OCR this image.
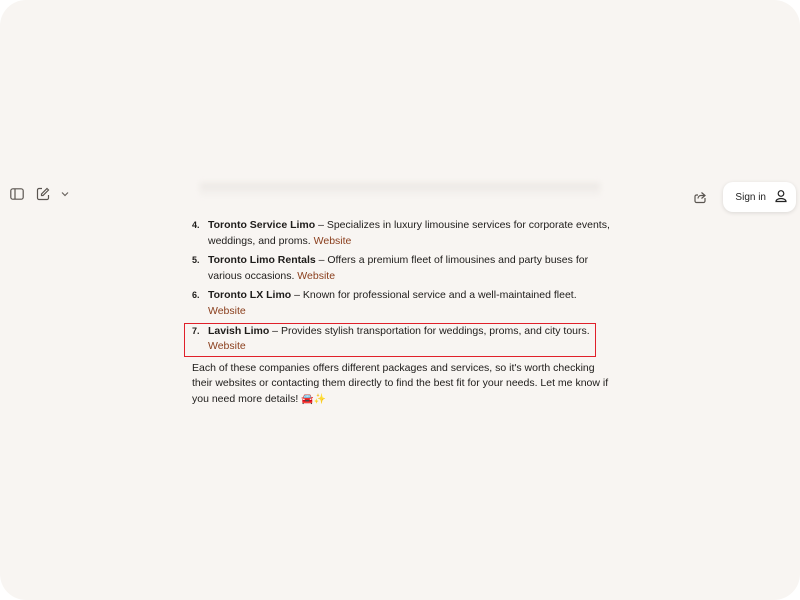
Sign in
4. Toronto Service Limo – Specializes in luxury limousine services for corporate events, weddings, and proms. Website
5. Toronto Limo Rentals – Offers a premium fleet of limousines and party buses for various occasions. Website
6. Toronto LX Limo – Known for professional service and a well-maintained fleet. Website
7. Lavish Limo – Provides stylish transportation for weddings, proms, and city tours. Website
Each of these companies offers different packages and services, so it's worth checking their websites or contacting them directly to find the best fit for your needs. Let me know if you need more details! 🚘✨
